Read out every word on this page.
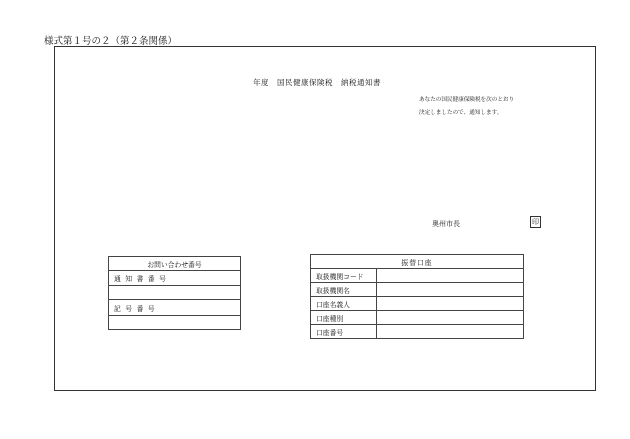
様式第１号の２（第２条関係）
年度　国民健康保険税　納税通知書
あなたの国民健康保険税を次のとおり
決定しましたので、通知します。
奥州市長	印
お問い合わせ番号
通知書番号

記号番号

振替口座	
取扱機関コード	
取扱機関名	
口座名義人	
口座種別	
口座番号	
